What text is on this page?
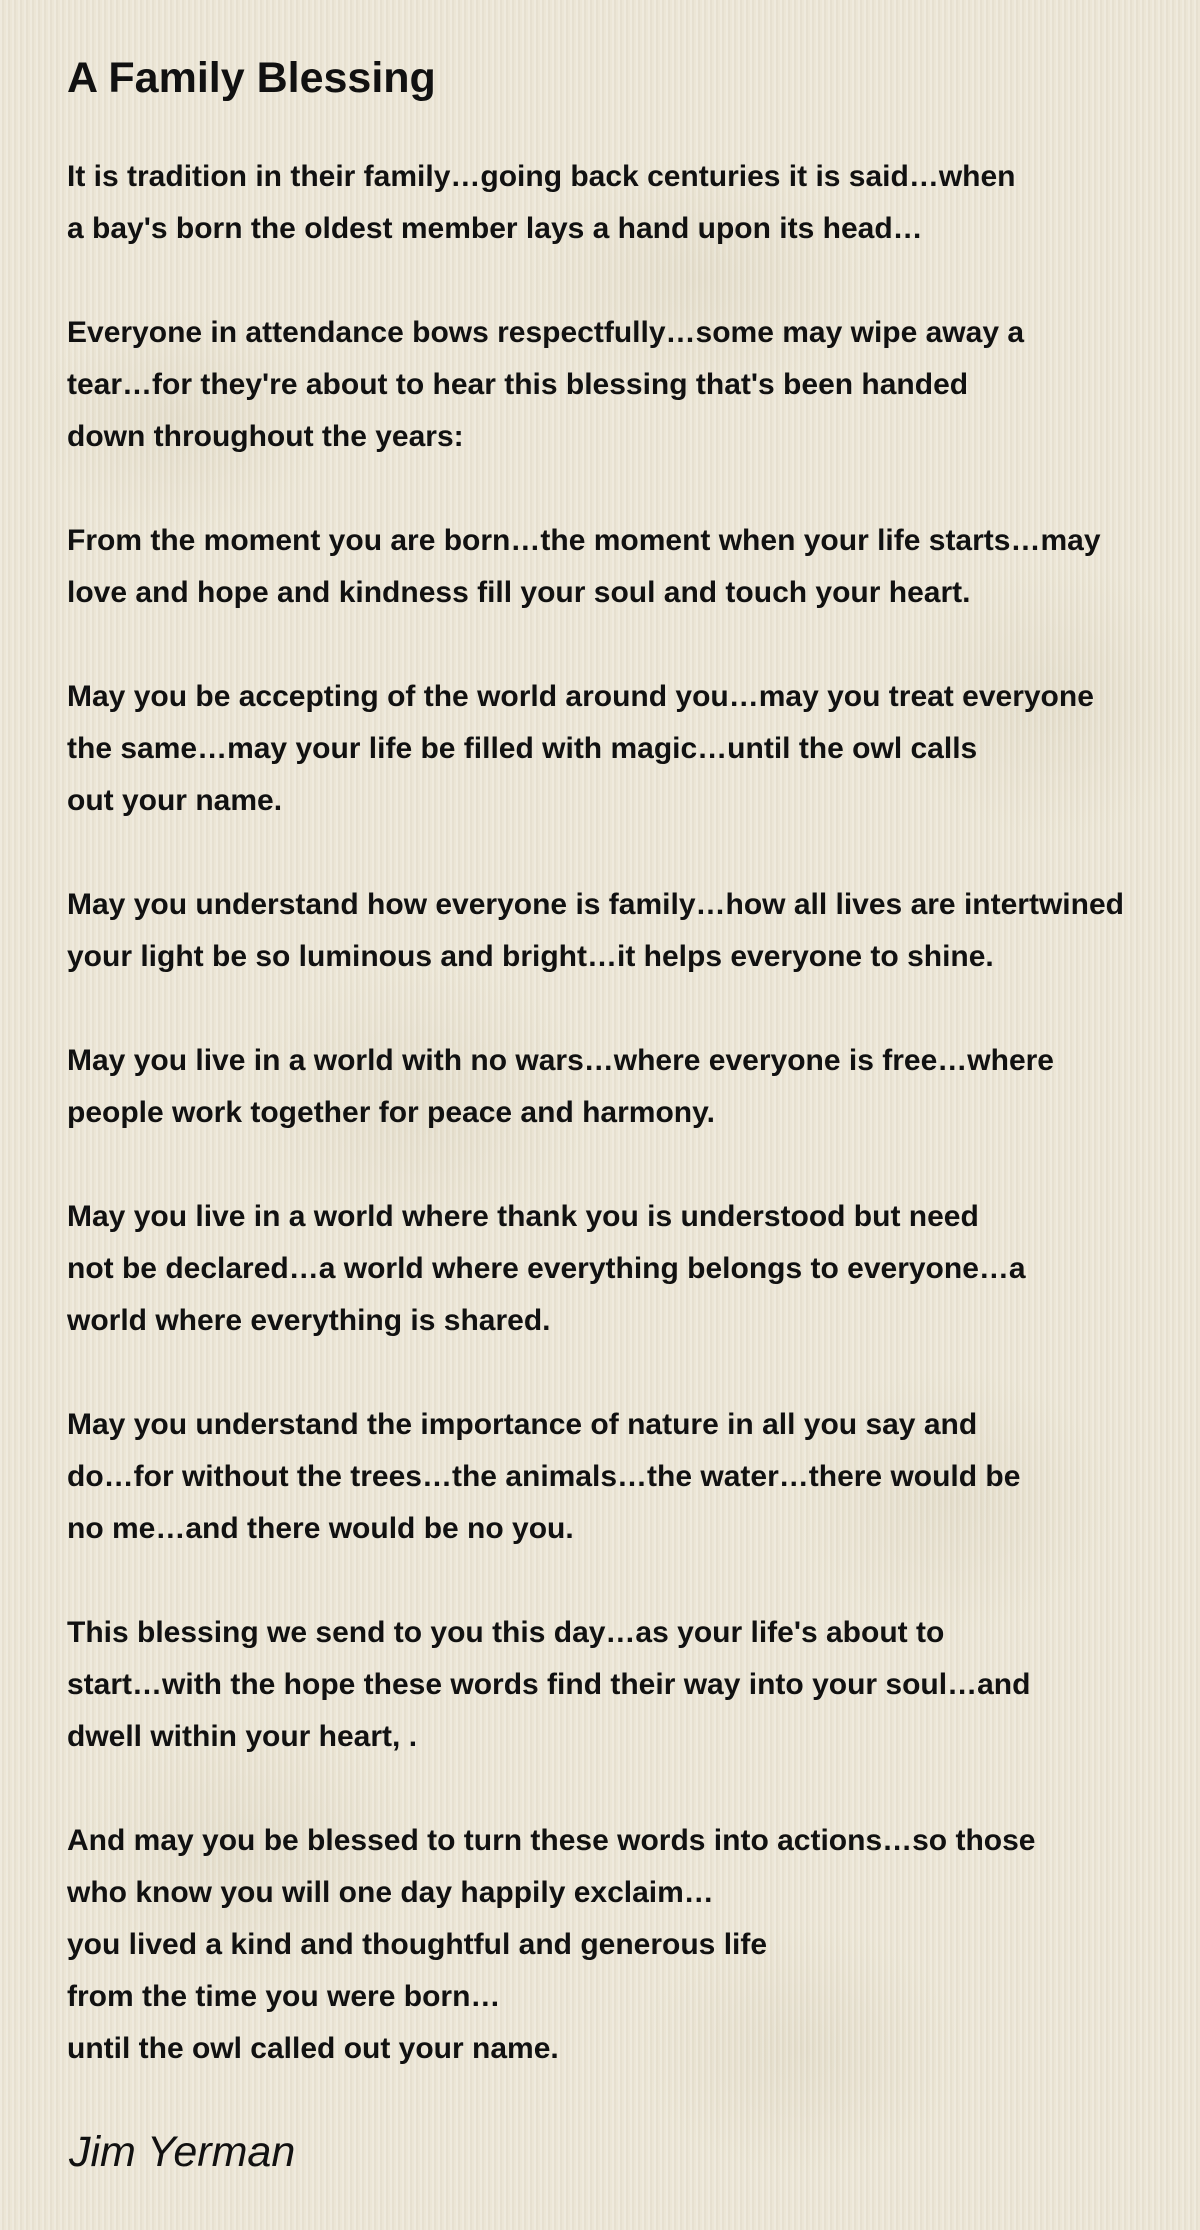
A Family Blessing
It is tradition in their family…going back centuries it is said…when
a bay's born the oldest member lays a hand upon its head…
Everyone in attendance bows respectfully…some may wipe away a
tear…for they're about to hear this blessing that's been handed
down throughout the years:
From the moment you are born…the moment when your life starts…may
love and hope and kindness fill your soul and touch your heart.
May you be accepting of the world around you…may you treat everyone
the same…may your life be filled with magic…until the owl calls
out your name.
May you understand how everyone is family…how all lives are intertwined
your light be so luminous and bright…it helps everyone to shine.
May you live in a world with no wars…where everyone is free…where
people work together for peace and harmony.
May you live in a world where thank you is understood but need
not be declared…a world where everything belongs to everyone…a
world where everything is shared.
May you understand the importance of nature in all you say and
do…for without the trees…the animals…the water…there would be
no me…and there would be no you.
This blessing we send to you this day…as your life's about to
start…with the hope these words find their way into your soul…and
dwell within your heart, .
And may you be blessed to turn these words into actions…so those
who know you will one day happily exclaim…
you lived a kind and thoughtful and generous life
from the time you were born…
until the owl called out your name.

Jim Yerman
